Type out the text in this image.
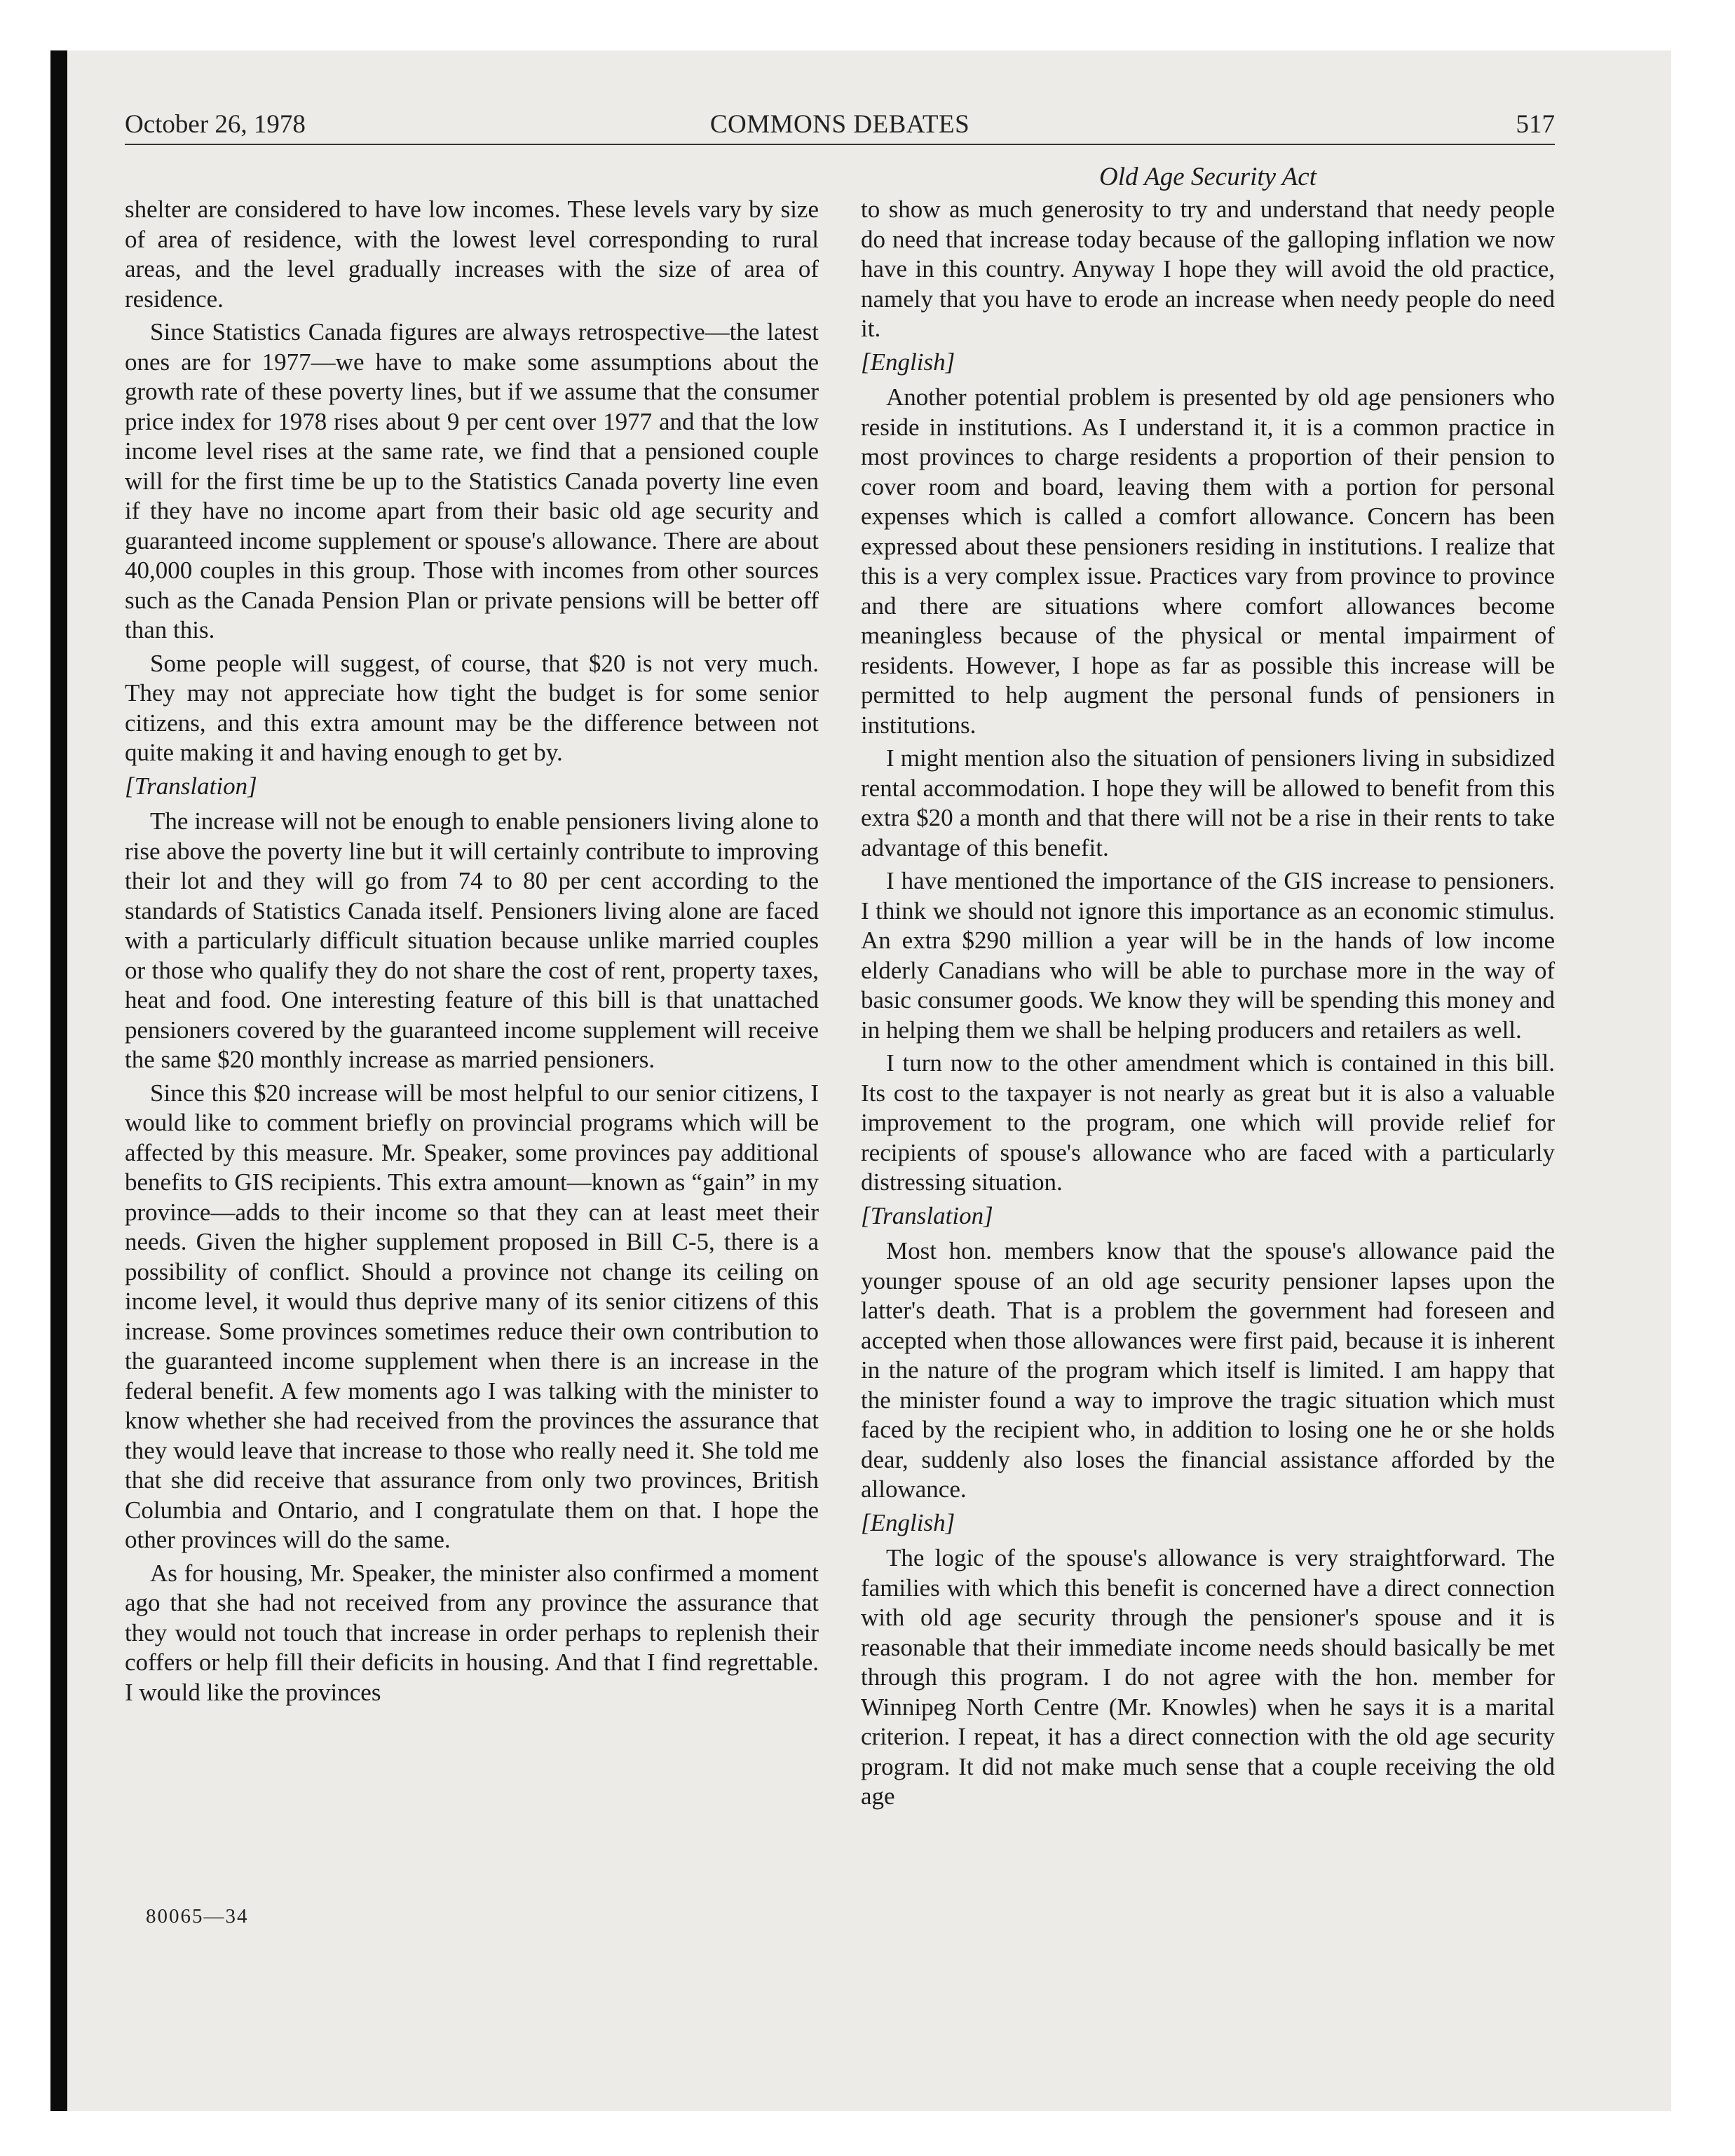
October 26, 1978	COMMONS DEBATES	517
Old Age Security Act

shelter are considered to have low incomes. These levels vary by size of area of residence, with the lowest level corresponding to rural areas, and the level gradually increases with the size of area of residence.

Since Statistics Canada figures are always retrospective—the latest ones are for 1977—we have to make some assumptions about the growth rate of these poverty lines, but if we assume that the consumer price index for 1978 rises about 9 per cent over 1977 and that the low income level rises at the same rate, we find that a pensioned couple will for the first time be up to the Statistics Canada poverty line even if they have no income apart from their basic old age security and guaranteed income supplement or spouse's allowance. There are about 40,000 couples in this group. Those with incomes from other sources such as the Canada Pension Plan or private pensions will be better off than this.

Some people will suggest, of course, that $20 is not very much. They may not appreciate how tight the budget is for some senior citizens, and this extra amount may be the difference between not quite making it and having enough to get by.

[Translation]

The increase will not be enough to enable pensioners living alone to rise above the poverty line but it will certainly contribute to improving their lot and they will go from 74 to 80 per cent according to the standards of Statistics Canada itself. Pensioners living alone are faced with a particularly difficult situation because unlike married couples or those who qualify they do not share the cost of rent, property taxes, heat and food. One interesting feature of this bill is that unattached pensioners covered by the guaranteed income supplement will receive the same $20 monthly increase as married pensioners.

Since this $20 increase will be most helpful to our senior citizens, I would like to comment briefly on provincial programs which will be affected by this measure. Mr. Speaker, some provinces pay additional benefits to GIS recipients. This extra amount—known as “gain” in my province—adds to their income so that they can at least meet their needs. Given the higher supplement proposed in Bill C-5, there is a possibility of conflict. Should a province not change its ceiling on income level, it would thus deprive many of its senior citizens of this increase. Some provinces sometimes reduce their own contribution to the guaranteed income supplement when there is an increase in the federal benefit. A few moments ago I was talking with the minister to know whether she had received from the provinces the assurance that they would leave that increase to those who really need it. She told me that she did receive that assurance from only two provinces, British Columbia and Ontario, and I congratulate them on that. I hope the other provinces will do the same.

As for housing, Mr. Speaker, the minister also confirmed a moment ago that she had not received from any province the assurance that they would not touch that increase in order perhaps to replenish their coffers or help fill their deficits in housing. And that I find regrettable. I would like the provinces

to show as much generosity to try and understand that needy people do need that increase today because of the galloping inflation we now have in this country. Anyway I hope they will avoid the old practice, namely that you have to erode an increase when needy people do need it.

[English]

Another potential problem is presented by old age pensioners who reside in institutions. As I understand it, it is a common practice in most provinces to charge residents a proportion of their pension to cover room and board, leaving them with a portion for personal expenses which is called a comfort allowance. Concern has been expressed about these pensioners residing in institutions. I realize that this is a very complex issue. Practices vary from province to province and there are situations where comfort allowances become meaningless because of the physical or mental impairment of residents. However, I hope as far as possible this increase will be permitted to help augment the personal funds of pensioners in institutions.

I might mention also the situation of pensioners living in subsidized rental accommodation. I hope they will be allowed to benefit from this extra $20 a month and that there will not be a rise in their rents to take advantage of this benefit.

I have mentioned the importance of the GIS increase to pensioners. I think we should not ignore this importance as an economic stimulus. An extra $290 million a year will be in the hands of low income elderly Canadians who will be able to purchase more in the way of basic consumer goods. We know they will be spending this money and in helping them we shall be helping producers and retailers as well.

I turn now to the other amendment which is contained in this bill. Its cost to the taxpayer is not nearly as great but it is also a valuable improvement to the program, one which will provide relief for recipients of spouse's allowance who are faced with a particularly distressing situation.

[Translation]

Most hon. members know that the spouse's allowance paid the younger spouse of an old age security pensioner lapses upon the latter's death. That is a problem the government had foreseen and accepted when those allowances were first paid, because it is inherent in the nature of the program which itself is limited. I am happy that the minister found a way to improve the tragic situation which must faced by the recipient who, in addition to losing one he or she holds dear, suddenly also loses the financial assistance afforded by the allowance.

[English]

The logic of the spouse's allowance is very straightforward. The families with which this benefit is concerned have a direct connection with old age security through the pensioner's spouse and it is reasonable that their immediate income needs should basically be met through this program. I do not agree with the hon. member for Winnipeg North Centre (Mr. Knowles) when he says it is a marital criterion. I repeat, it has a direct connection with the old age security program. It did not make much sense that a couple receiving the old age

80065—34
